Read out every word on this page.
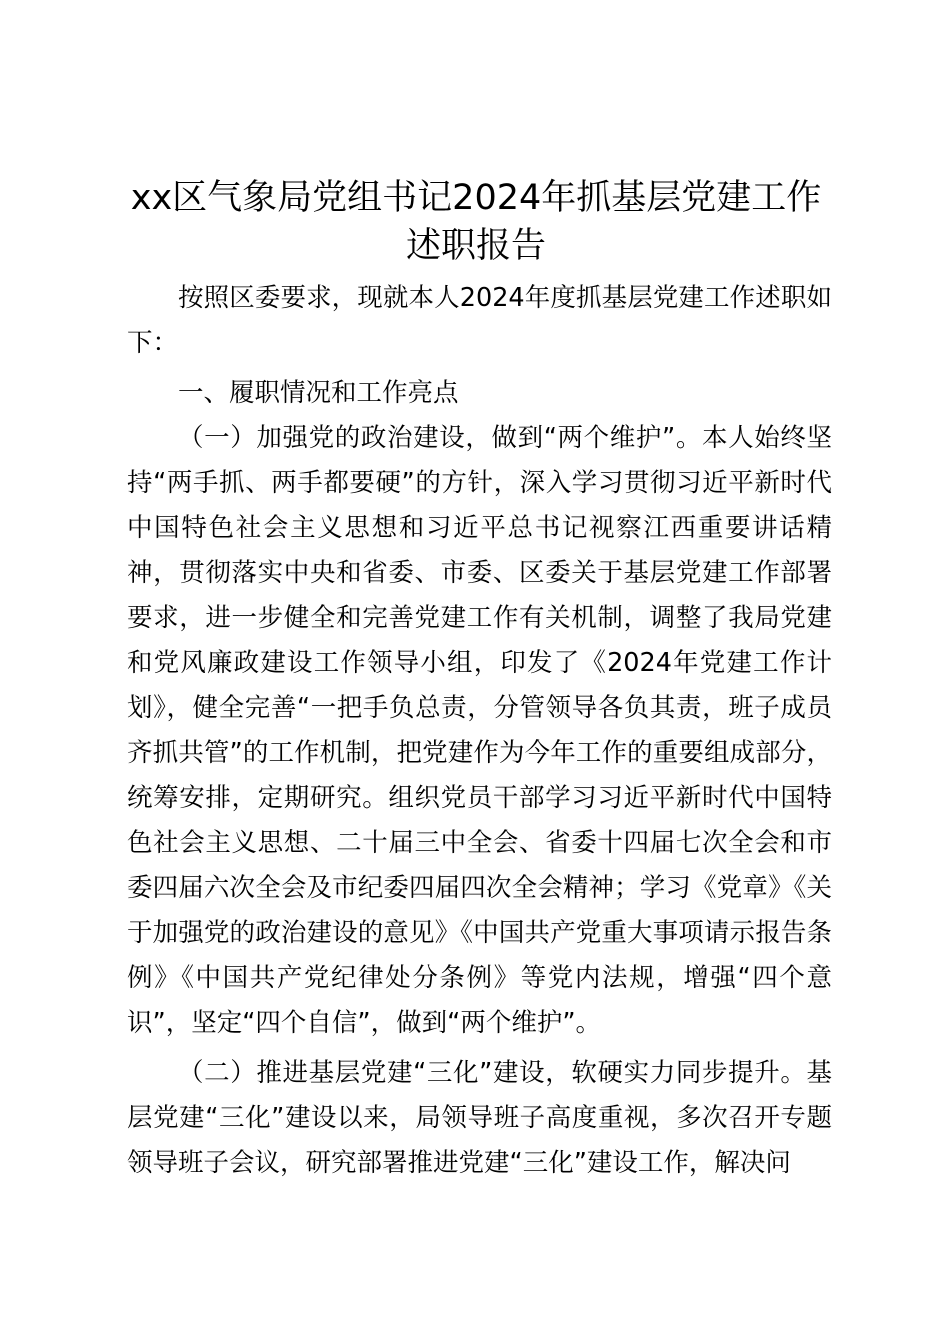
xx区气象局党组书记2024年抓基层党建工作述职报告

按照区委要求，现就本人2024年度抓基层党建工作述职如下：

一、履职情况和工作亮点

（一）加强党的政治建设，做到“两个维护”。本人始终坚持“两手抓、两手都要硬”的方针，深入学习贯彻习近平新时代中国特色社会主义思想和习近平总书记视察江西重要讲话精神，贯彻落实中央和省委、市委、区委关于基层党建工作部署要求，进一步健全和完善党建工作有关机制，调整了我局党建和党风廉政建设工作领导小组，印发了《2024年党建工作计划》，健全完善“一把手负总责，分管领导各负其责，班子成员齐抓共管”的工作机制，把党建作为今年工作的重要组成部分，统筹安排，定期研究。组织党员干部学习习近平新时代中国特色社会主义思想、二十届三中全会、省委十四届七次全会和市委四届六次全会及市纪委四届四次全会精神；学习《党章》《关于加强党的政治建设的意见》《中国共产党重大事项请示报告条例》《中国共产党纪律处分条例》等党内法规，增强“四个意识”，坚定“四个自信”，做到“两个维护”。

（二）推进基层党建“三化”建设，软硬实力同步提升。基层党建“三化”建设以来，局领导班子高度重视，多次召开专题领导班子会议，研究部署推进党建“三化”建设工作，解决问
